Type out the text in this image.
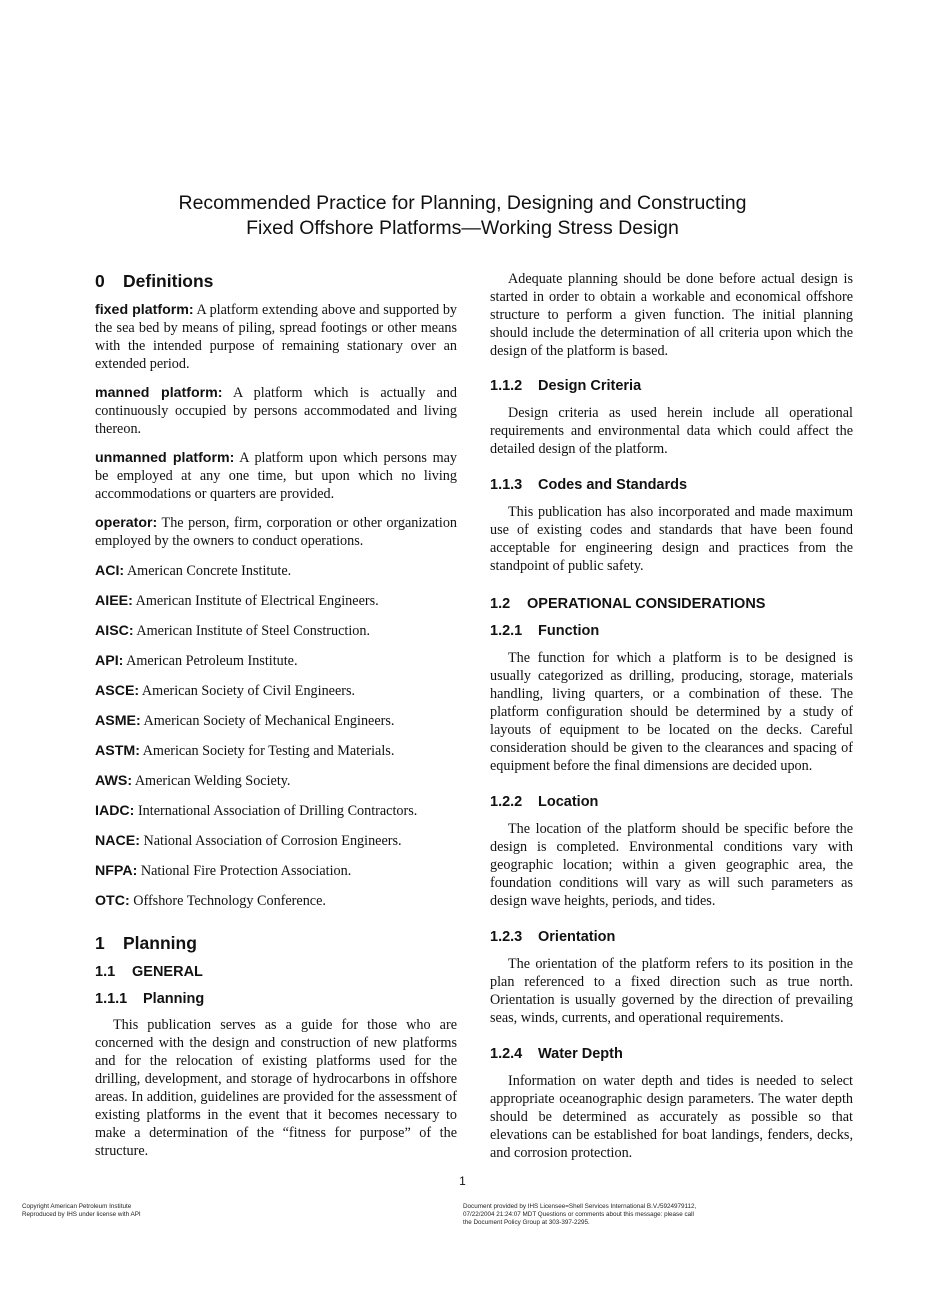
Recommended Practice for Planning, Designing and Constructing
Fixed Offshore Platforms—Working Stress Design
0 Definitions

fixed platform: A platform extending above and supported by the sea bed by means of piling, spread footings or other means with the intended purpose of remaining stationary over an extended period.

manned platform: A platform which is actually and continuously occupied by persons accommodated and living thereon.

unmanned platform: A platform upon which persons may be employed at any one time, but upon which no living accommodations or quarters are provided.

operator: The person, firm, corporation or other organization employed by the owners to conduct operations.

ACI: American Concrete Institute.

AIEE: American Institute of Electrical Engineers.

AISC: American Institute of Steel Construction.

API: American Petroleum Institute.

ASCE: American Society of Civil Engineers.

ASME: American Society of Mechanical Engineers.

ASTM: American Society for Testing and Materials.

AWS: American Welding Society.

IADC: International Association of Drilling Contractors.

NACE: National Association of Corrosion Engineers.

NFPA: National Fire Protection Association.

OTC: Offshore Technology Conference.

1 Planning
1.1 GENERAL
1.1.1 Planning

This publication serves as a guide for those who are concerned with the design and construction of new platforms and for the relocation of existing platforms used for the drilling, development, and storage of hydrocarbons in offshore areas. In addition, guidelines are provided for the assessment of existing platforms in the event that it becomes necessary to make a determination of the “fitness for purpose” of the structure.

Adequate planning should be done before actual design is started in order to obtain a workable and economical offshore structure to perform a given function. The initial planning should include the determination of all criteria upon which the design of the platform is based.

1.1.2 Design Criteria

Design criteria as used herein include all operational requirements and environmental data which could affect the detailed design of the platform.

1.1.3 Codes and Standards

This publication has also incorporated and made maximum use of existing codes and standards that have been found acceptable for engineering design and practices from the standpoint of public safety.

1.2 OPERATIONAL CONSIDERATIONS
1.2.1 Function

The function for which a platform is to be designed is usually categorized as drilling, producing, storage, materials handling, living quarters, or a combination of these. The platform configuration should be determined by a study of layouts of equipment to be located on the decks. Careful consideration should be given to the clearances and spacing of equipment before the final dimensions are decided upon.

1.2.2 Location

The location of the platform should be specific before the design is completed. Environmental conditions vary with geographic location; within a given geographic area, the foundation conditions will vary as will such parameters as design wave heights, periods, and tides.

1.2.3 Orientation

The orientation of the platform refers to its position in the plan referenced to a fixed direction such as true north. Orientation is usually governed by the direction of prevailing seas, winds, currents, and operational requirements.

1.2.4 Water Depth

Information on water depth and tides is needed to select appropriate oceanographic design parameters. The water depth should be determined as accurately as possible so that elevations can be established for boat landings, fenders, decks, and corrosion protection.

1
Copyright American Petroleum Institute
Reproduced by IHS under license with API
Document provided by IHS Licensee=Shell Services International B.V./5924979112,
07/22/2004 21:24:07 MDT Questions or comments about this message: please call
the Document Policy Group at 303-397-2295.
